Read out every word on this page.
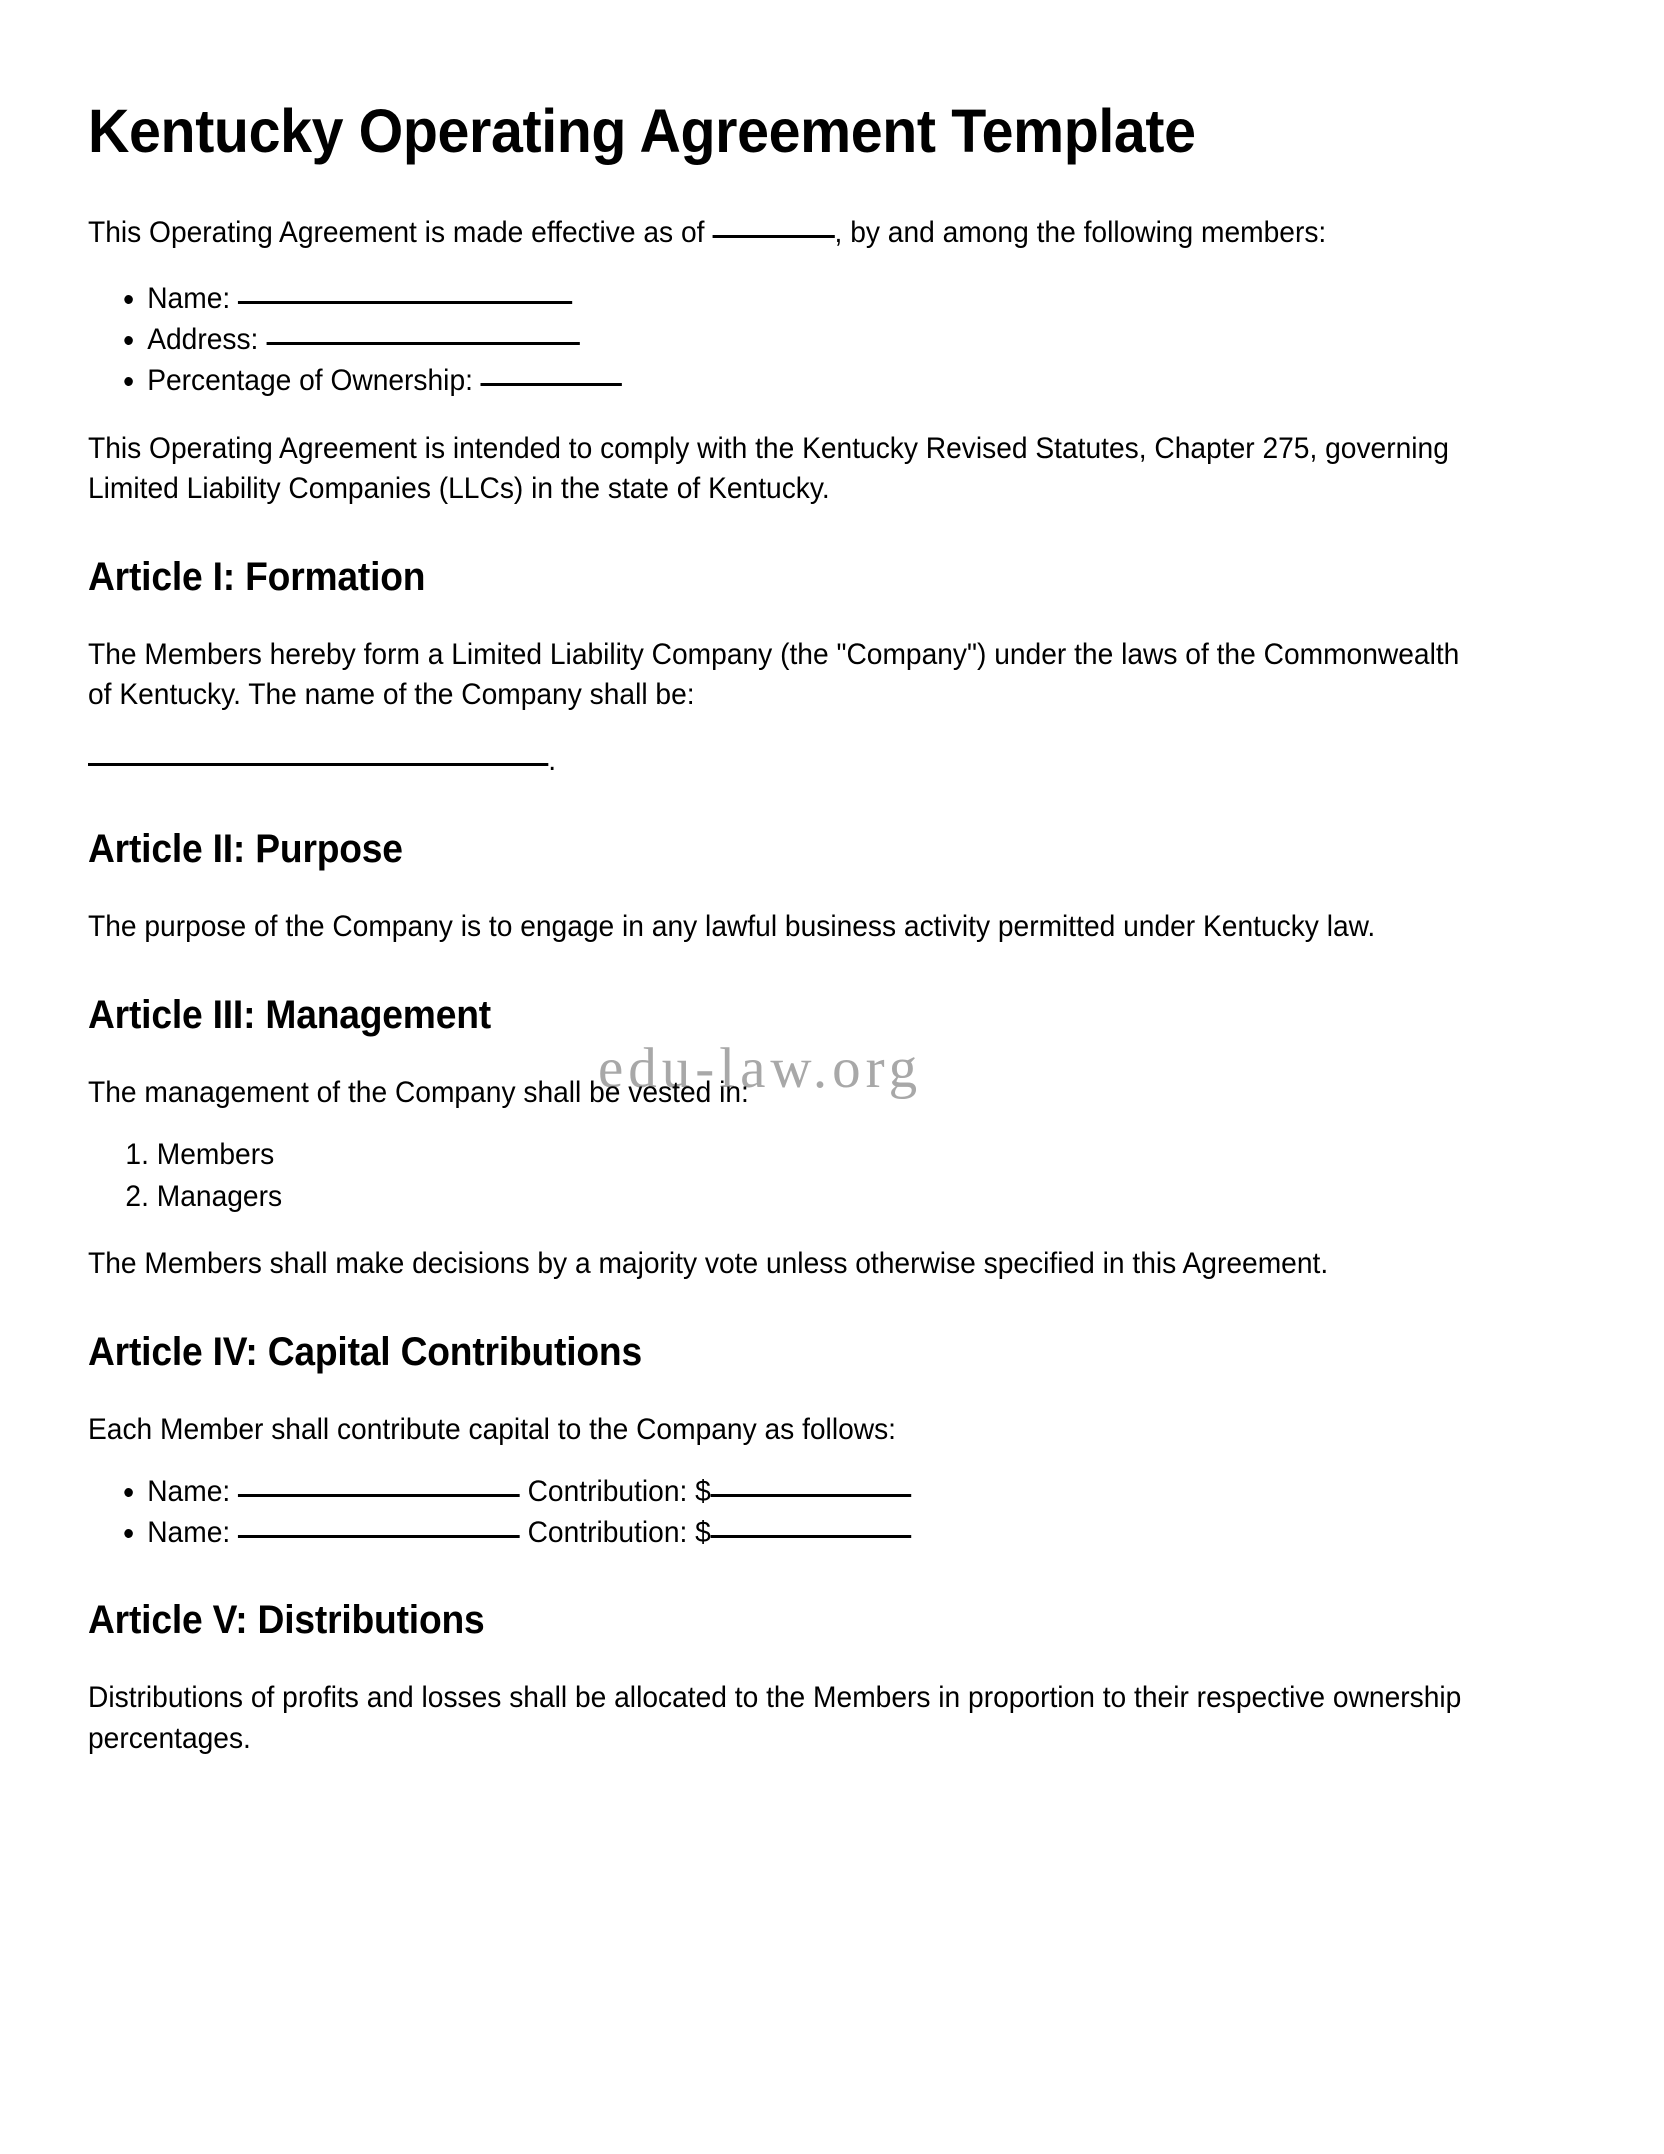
edu-law.org
Kentucky Operating Agreement Template

This Operating Agreement is made effective as of	, by and among the following members:

• Name:
• Address:
• Percentage of Ownership:

This Operating Agreement is intended to comply with the Kentucky Revised Statutes, Chapter 275, governing Limited Liability Companies (LLCs) in the state of Kentucky.

Article I: Formation

The Members hereby form a Limited Liability Company (the "Company") under the laws of the Commonwealth of Kentucky. The name of the Company shall be:

.

Article II: Purpose

The purpose of the Company is to engage in any lawful business activity permitted under Kentucky law.

Article III: Management

The management of the Company shall be vested in:

1. Members
2. Managers

The Members shall make decisions by a majority vote unless otherwise specified in this Agreement.

Article IV: Capital Contributions

Each Member shall contribute capital to the Company as follows:

• Name:	Contribution: $
• Name:	Contribution: $
Article V: Distributions

Distributions of profits and losses shall be allocated to the Members in proportion to their respective ownership percentages.
